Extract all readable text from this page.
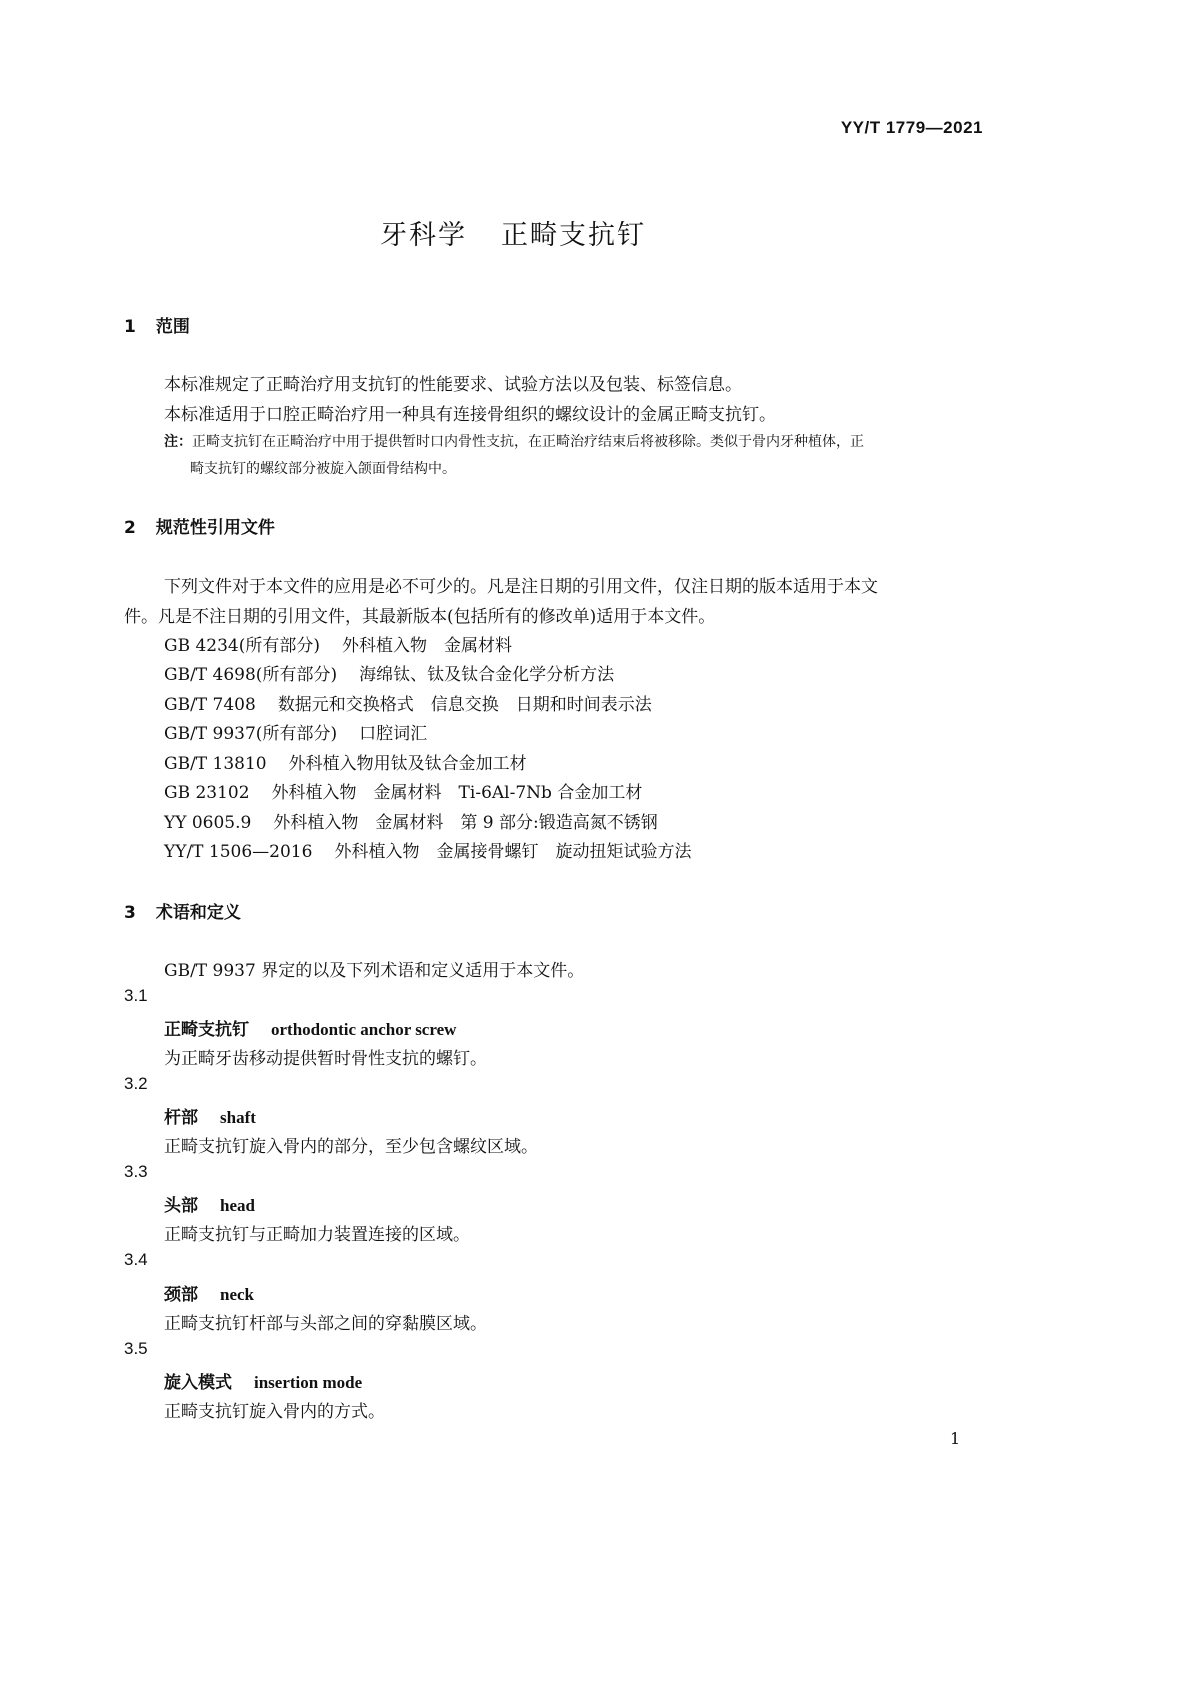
YY/T 1779—2021
牙科学 正畸支抗钉
1 范围
本标准规定了正畸治疗用支抗钉的性能要求、试验方法以及包装、标签信息。
本标准适用于口腔正畸治疗用一种具有连接骨组织的螺纹设计的金属正畸支抗钉。
注：正畸支抗钉在正畸治疗中用于提供暂时口内骨性支抗，在正畸治疗结束后将被移除。类似于骨内牙种植体，正
畸支抗钉的螺纹部分被旋入颌面骨结构中。
2 规范性引用文件
下列文件对于本文件的应用是必不可少的。凡是注日期的引用文件，仅注日期的版本适用于本文
件。凡是不注日期的引用文件，其最新版本(包括所有的修改单)适用于本文件。
GB 4234(所有部分) 外科植入物　金属材料
GB/T 4698(所有部分) 海绵钛、钛及钛合金化学分析方法
GB/T 7408 数据元和交换格式　信息交换　日期和时间表示法
GB/T 9937(所有部分) 口腔词汇
GB/T 13810 外科植入物用钛及钛合金加工材
GB 23102 外科植入物　金属材料　Ti-6Al-7Nb 合金加工材
YY 0605.9 外科植入物　金属材料　第 9 部分:锻造高氮不锈钢
YY/T 1506—2016 外科植入物　金属接骨螺钉　旋动扭矩试验方法
3 术语和定义
GB/T 9937 界定的以及下列术语和定义适用于本文件。
3.1
正畸支抗钉 orthodontic anchor screw
为正畸牙齿移动提供暂时骨性支抗的螺钉。
3.2
杆部 shaft
正畸支抗钉旋入骨内的部分，至少包含螺纹区域。
3.3
头部 head
正畸支抗钉与正畸加力装置连接的区域。
3.4
颈部 neck
正畸支抗钉杆部与头部之间的穿黏膜区域。
3.5
旋入模式 insertion mode
正畸支抗钉旋入骨内的方式。
1
